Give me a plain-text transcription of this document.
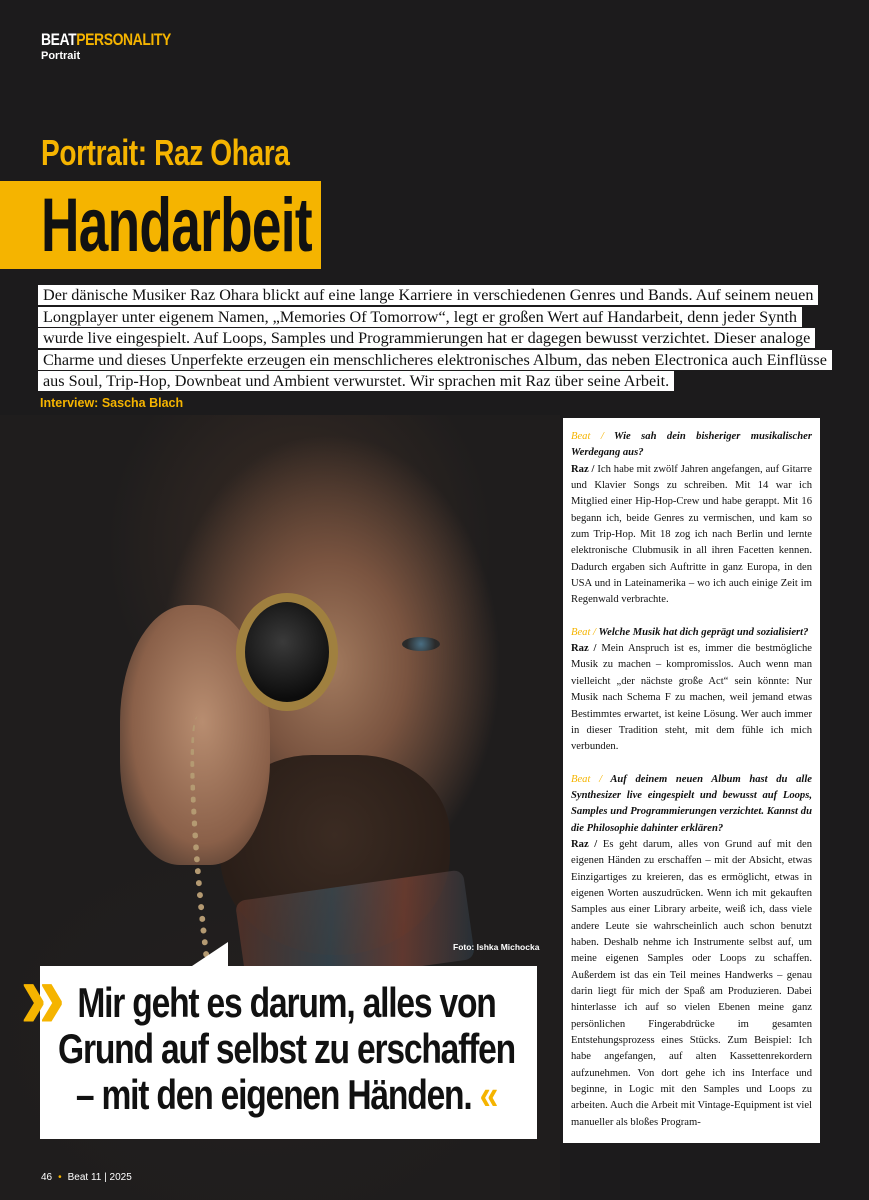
BEATPERSONALITY
Portrait
Portrait: Raz Ohara
Handarbeit
Der dänische Musiker Raz Ohara blickt auf eine lange Karriere in verschiedenen Genres und Bands. Auf seinem neuen Longplayer unter eigenem Namen, „Memories Of Tomorrow“, legt er großen Wert auf Handarbeit, denn jeder Synth wurde live eingespielt. Auf Loops, Samples und Programmierungen hat er dagegen bewusst verzichtet. Dieser analoge Charme und dieses Unperfekte erzeugen ein menschlicheres elektronisches Album, das neben Electronica auch Einflüsse aus Soul, Trip-Hop, Downbeat und Ambient verwurstet. Wir sprachen mit Raz über seine Arbeit.
Interview: Sascha Blach

Beat / Wie sah dein bisheriger musikalischer Werdegang aus?

Raz / Ich habe mit zwölf Jahren angefangen, auf Gitarre und Klavier Songs zu schreiben. Mit 14 war ich Mitglied einer Hip-Hop-Crew und habe gerappt. Mit 16 begann ich, beide Genres zu vermischen, und kam so zum Trip-Hop. Mit 18 zog ich nach Berlin und lernte elektronische Clubmusik in all ihren Facetten kennen. Dadurch ergaben sich Auftritte in ganz Europa, in den USA und in Lateinamerika – wo ich auch einige Zeit im Regenwald verbrachte.

Beat / Welche Musik hat dich geprägt und sozialisiert?

Raz / Mein Anspruch ist es, immer die bestmögliche Musik zu machen – kompromisslos. Auch wenn man vielleicht „der nächste große Act“ sein könnte: Nur Musik nach Schema F zu machen, weil jemand etwas Bestimmtes erwartet, ist keine Lösung. Wer auch immer in dieser Tradition steht, mit dem fühle ich mich verbunden.

Beat / Auf deinem neuen Album hast du alle Synthesizer live eingespielt und bewusst auf Loops, Samples und Programmierungen verzichtet. Kannst du die Philosophie dahinter erklären?

Raz / Es geht darum, alles von Grund auf mit den eigenen Händen zu erschaffen – mit der Absicht, etwas Einzigartiges zu kreieren, das es ermöglicht, etwas in eigenen Worten auszudrücken. Wenn ich mit gekauften Samples aus einer Library arbeite, weiß ich, dass viele andere Leute sie wahrscheinlich auch schon benutzt haben. Deshalb nehme ich Instrumente selbst auf, um meine eigenen Samples oder Loops zu schaffen. Außerdem ist das ein Teil meines Handwerks – genau darin liegt für mich der Spaß am Produzieren. Dabei hinterlasse ich auf so vielen Ebenen meine ganz persönlichen Fingerabdrücke im gesamten Entstehungsprozess eines Stücks. Zum Beispiel: Ich habe angefangen, auf alten Kassettenrekordern aufzunehmen. Von dort gehe ich ins Interface und beginne, in Logic mit den Samples und Loops zu arbeiten. Auch die Arbeit mit Vintage-Equipment ist viel manueller als bloßes Program-

Foto: Ishka Michocka
» Mir geht es darum, alles von
Grund auf selbst zu erschaffen
– mit den eigenen Händen. «
46 • Beat 11 | 2025
